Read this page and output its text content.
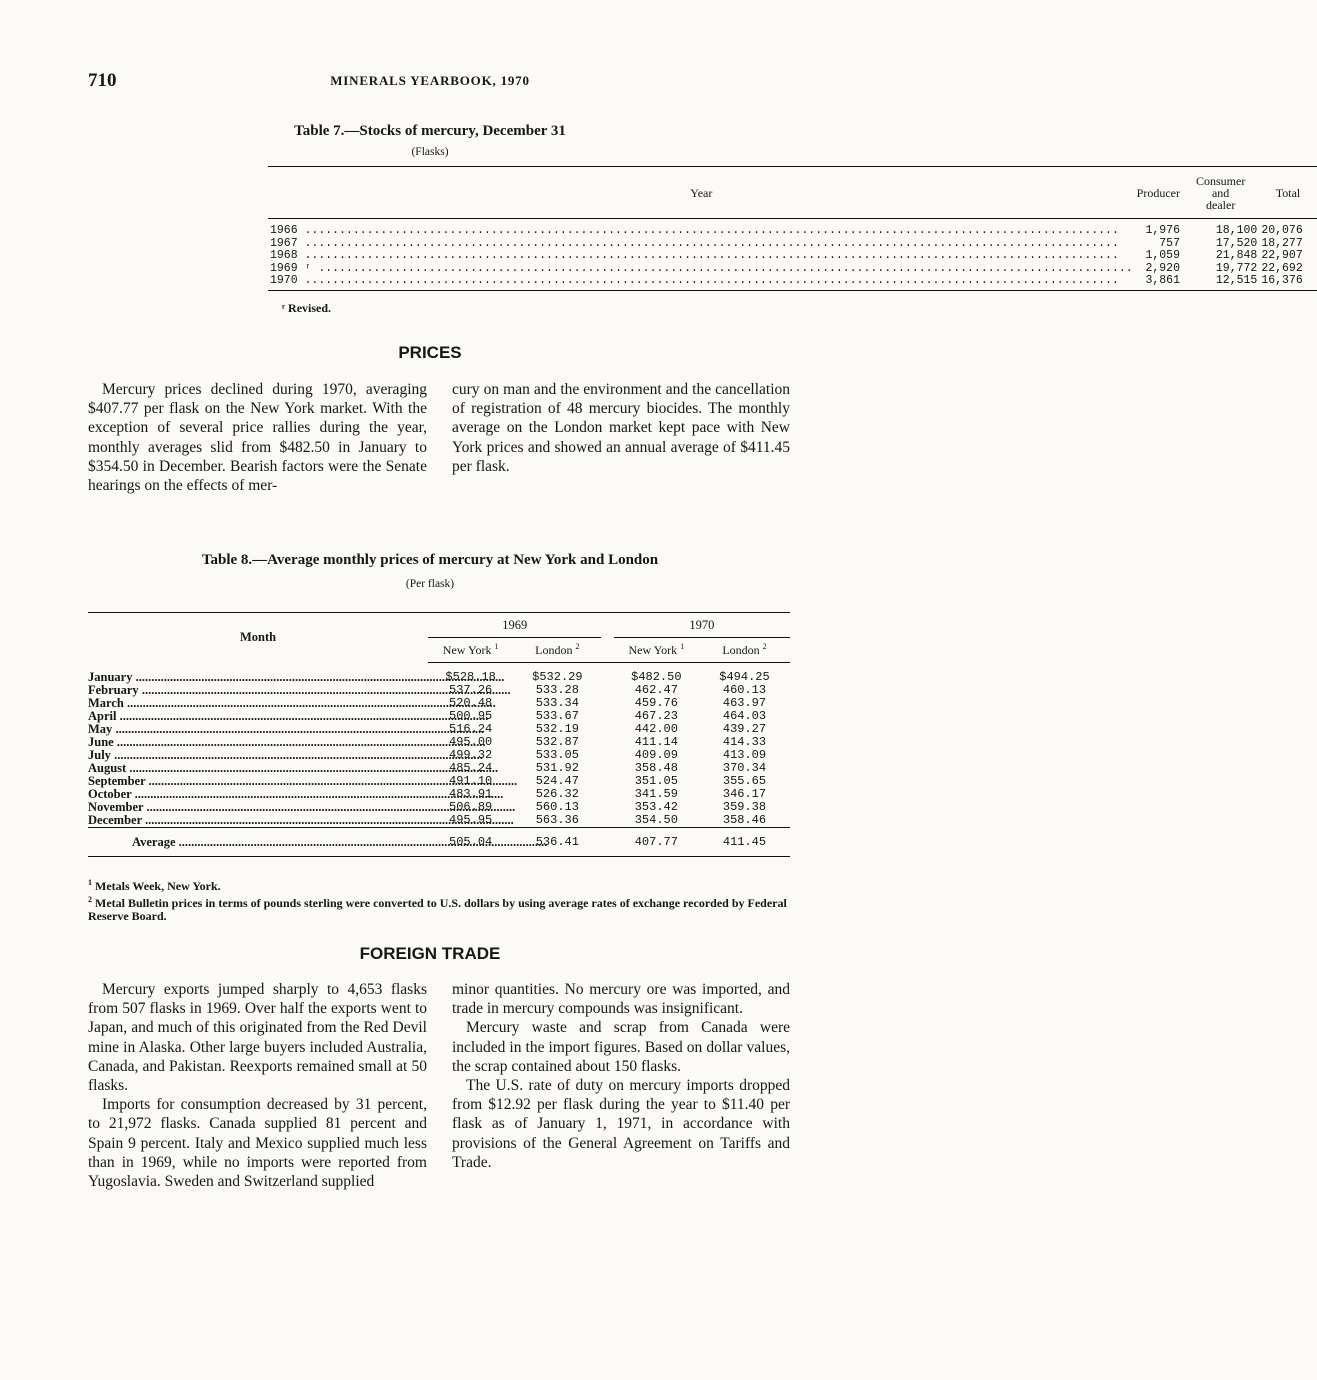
710	MINERALS YEARBOOK, 1970
Table 7.—Stocks of mercury, December 31
(Flasks)
Year	Producer	Consumer and dealer	Total
1966 .....	1,976	18,100	20,076
1967 .....	757	17,520	18,277
1968 .....	1,059	21,848	22,907
1969 ʳ .....	2,920	19,772	22,692
1970 .....	3,861	12,515	16,376
ʳ Revised.
PRICES
Mercury prices declined during 1970, averaging $407.77 per flask on the New York market. With the exception of several price rallies during the year, monthly averages slid from $482.50 in January to $354.50 in December. Bearish factors were the Senate hearings on the effects of mer-
cury on man and the environment and the cancellation of registration of 48 mercury biocides. The monthly average on the London market kept pace with New York prices and showed an annual average of $411.45 per flask.
Table 8.—Average monthly prices of mercury at New York and London
(Per flask)
Month	1969			1970	
	New York $^1$	London $^2$		New York $^1$	London $^2$
January .....	$528.18	$532.29		$482.50	$494.25
February .....	537.26	533.28		462.47	460.13
March .....	520.48	533.34		459.76	463.97
April .....	500.95	533.67		467.23	464.03
May .....	516.24	532.19		442.00	439.27
June .....	495.00	532.87		411.14	414.33
July .....	499.32	533.05		409.09	413.09
August .....	485.24	531.92		358.48	370.34
September .....	491.10	524.47		351.05	355.65
October .....	483.91	526.32		341.59	346.17
November .....	506.89	560.13		353.42	359.38
December .....	495.95	563.36		354.50	358.46
Average .....	505.04	536.41		407.77	411.45
$^1$ Metals Week, New York.
$^2$ Metal Bulletin prices in terms of pounds sterling were converted to U.S. dollars by using average rates of exchange recorded by Federal Reserve Board.
FOREIGN TRADE

Mercury exports jumped sharply to 4,653 flasks from 507 flasks in 1969. Over half the exports went to Japan, and much of this originated from the Red Devil mine in Alaska. Other large buyers included Australia, Canada, and Pakistan. Reexports remained small at 50 flasks.

Imports for consumption decreased by 31 percent, to 21,972 flasks. Canada supplied 81 percent and Spain 9 percent. Italy and Mexico supplied much less than in 1969, while no imports were reported from Yugoslavia. Sweden and Switzerland supplied

minor quantities. No mercury ore was imported, and trade in mercury compounds was insignificant.

Mercury waste and scrap from Canada were included in the import figures. Based on dollar values, the scrap contained about 150 flasks.

The U.S. rate of duty on mercury imports dropped from $12.92 per flask during the year to $11.40 per flask as of January 1, 1971, in accordance with provisions of the General Agreement on Tariffs and Trade.
